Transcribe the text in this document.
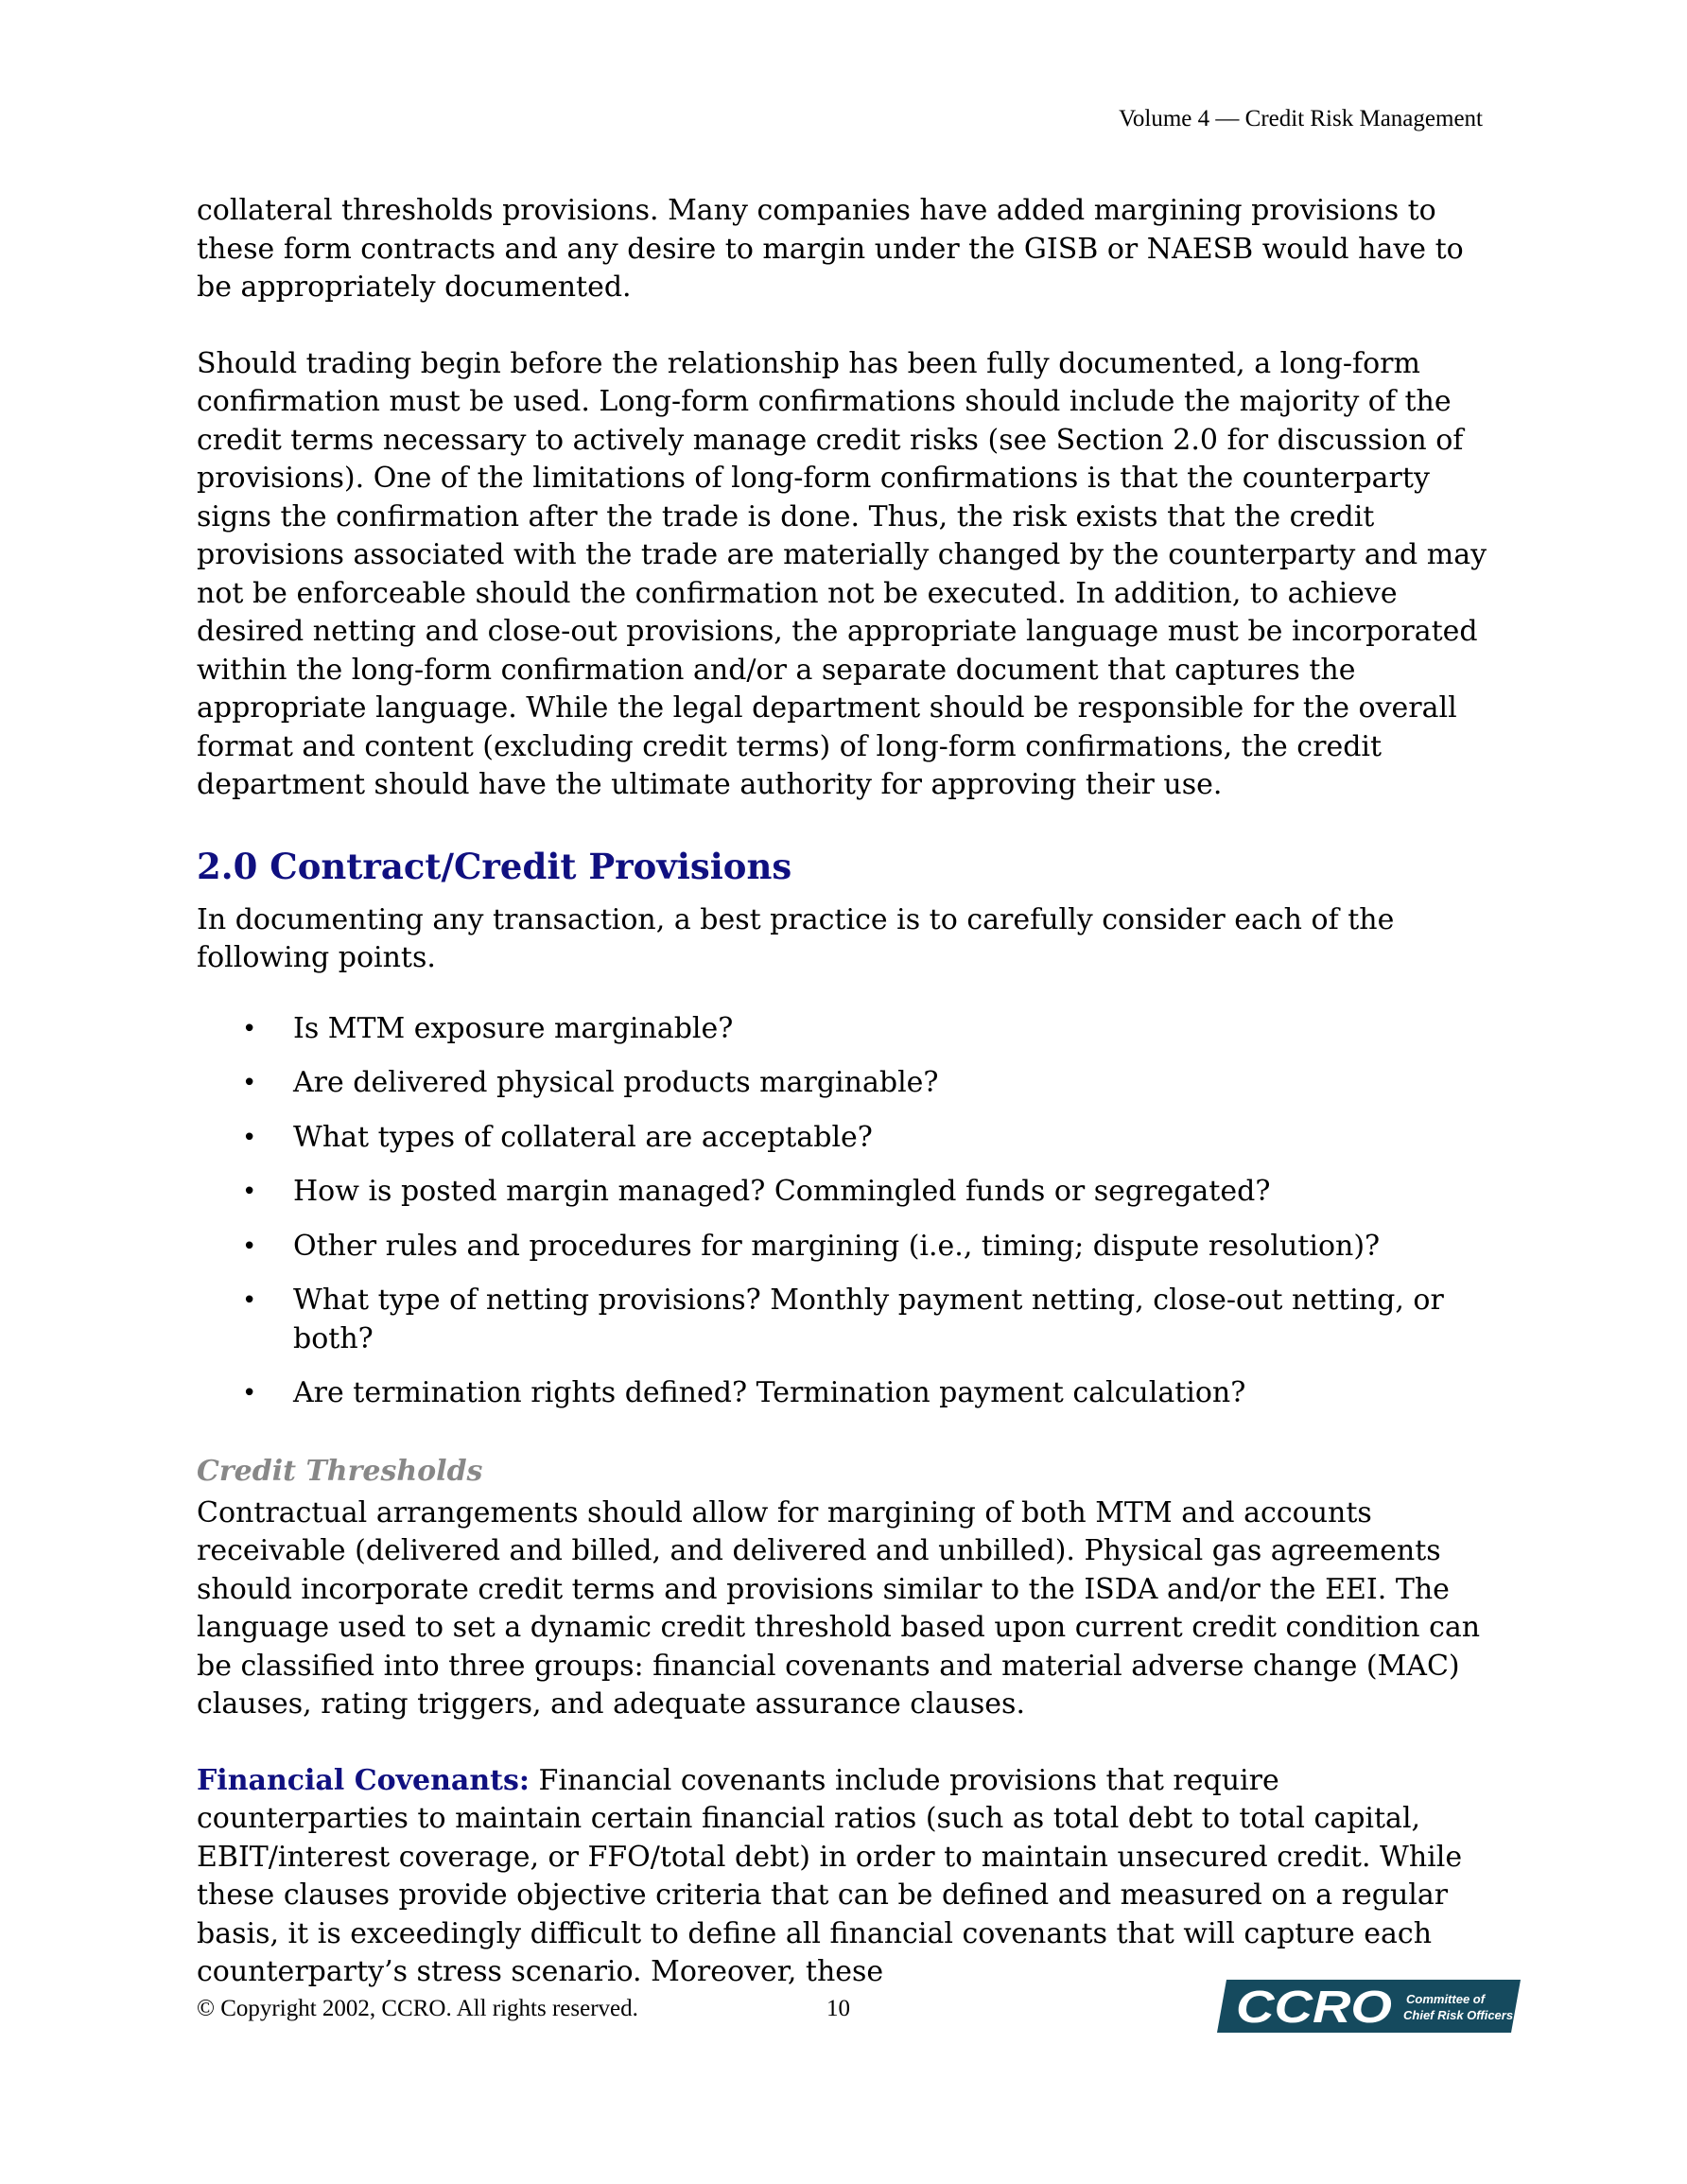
Volume 4 — Credit Risk Management

collateral thresholds provisions. Many companies have added margining provisions to these form contracts and any desire to margin under the GISB or NAESB would have to be appropriately documented.

Should trading begin before the relationship has been fully documented, a long-form confirmation must be used. Long-form confirmations should include the majority of the credit terms necessary to actively manage credit risks (see Section 2.0 for discussion of provisions). One of the limitations of long-form confirmations is that the counterparty signs the confirmation after the trade is done. Thus, the risk exists that the credit provisions associated with the trade are materially changed by the counterparty and may not be enforceable should the confirmation not be executed. In addition, to achieve desired netting and close-out provisions, the appropriate language must be incorporated within the long-form confirmation and/or a separate document that captures the appropriate language. While the legal department should be responsible for the overall format and content (excluding credit terms) of long-form confirmations, the credit department should have the ultimate authority for approving their use.

2.0 Contract/Credit Provisions

In documenting any transaction, a best practice is to carefully consider each of the following points.

• Is MTM exposure marginable?
• Are delivered physical products marginable?
• What types of collateral are acceptable?
• How is posted margin managed? Commingled funds or segregated?
• Other rules and procedures for margining (i.e., timing; dispute resolution)?
• What type of netting provisions? Monthly payment netting, close-out netting, or both?
• Are termination rights defined? Termination payment calculation?
Credit Thresholds

Contractual arrangements should allow for margining of both MTM and accounts receivable (delivered and billed, and delivered and unbilled). Physical gas agreements should incorporate credit terms and provisions similar to the ISDA and/or the EEI. The language used to set a dynamic credit threshold based upon current credit condition can be classified into three groups: financial covenants and material adverse change (MAC) clauses, rating triggers, and adequate assurance clauses.

Financial Covenants: Financial covenants include provisions that require counterparties to maintain certain financial ratios (such as total debt to total capital, EBIT/interest coverage, or FFO/total debt) in order to maintain unsecured credit. While these clauses provide objective criteria that can be defined and measured on a regular basis, it is exceedingly difficult to define all financial covenants that will capture each counterparty’s stress scenario. Moreover, these

© Copyright 2002, CCRO. All rights reserved.	10	CCRO Committee of
Chief Risk Officers
